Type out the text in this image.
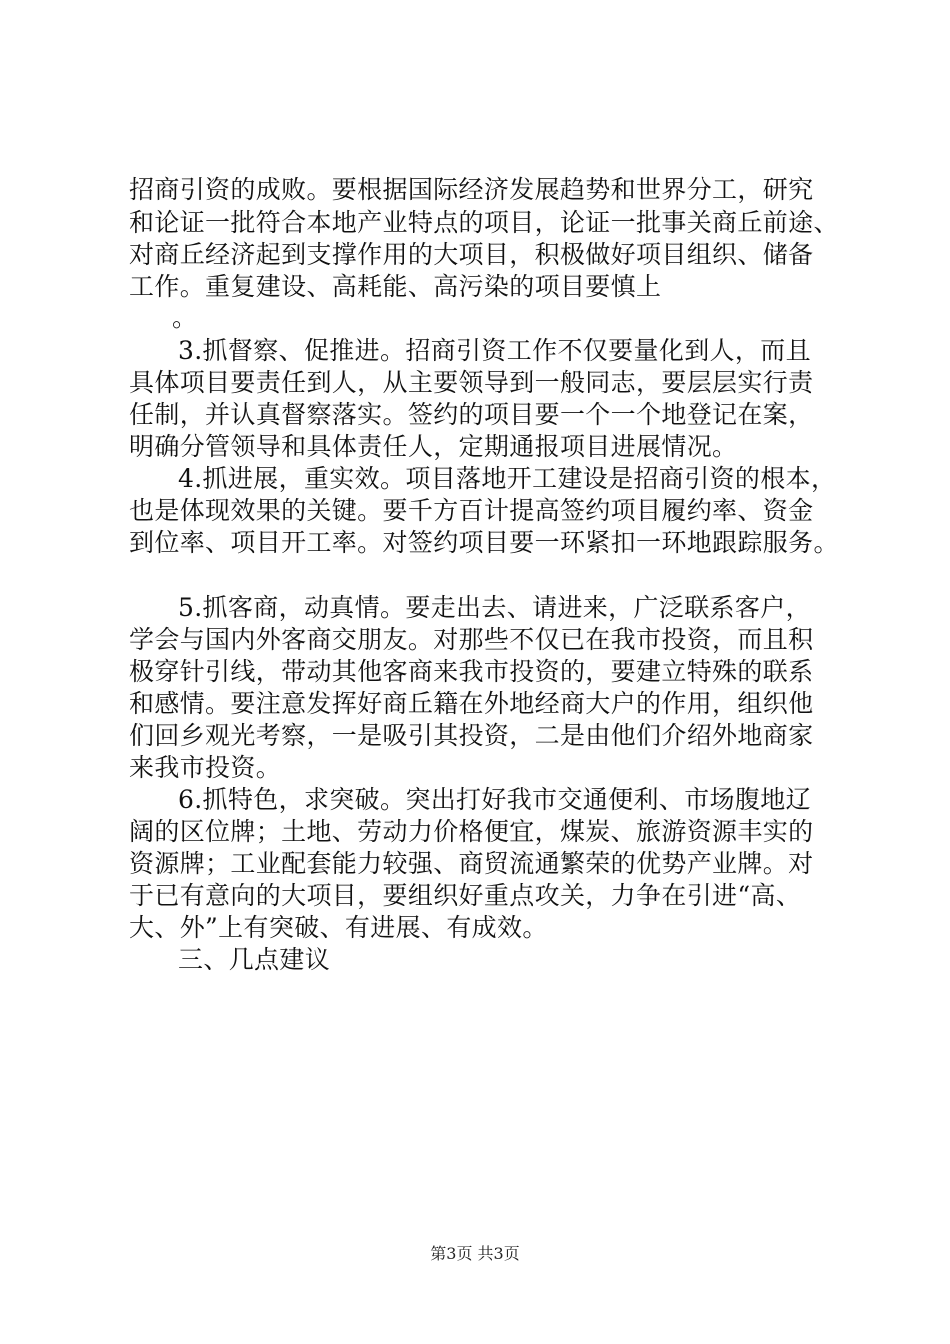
招商引资的成败。要根据国际经济发展趋势和世界分工，研究
和论证一批符合本地产业特点的项目，论证一批事关商丘前途、
对商丘经济起到支撑作用的大项目，积极做好项目组织、储备
工作。重复建设、高耗能、高污染的项目要慎上
。
3.抓督察、促推进。招商引资工作不仅要量化到人，而且
具体项目要责任到人，从主要领导到一般同志，要层层实行责
任制，并认真督察落实。签约的项目要一个一个地登记在案，
明确分管领导和具体责任人，定期通报项目进展情况。
4.抓进展，重实效。项目落地开工建设是招商引资的根本，
也是体现效果的关键。要千方百计提高签约项目履约率、资金
到位率、项目开工率。对签约项目要一环紧扣一环地跟踪服务。
5.抓客商，动真情。要走出去、请进来，广泛联系客户，
学会与国内外客商交朋友。对那些不仅已在我市投资，而且积
极穿针引线，带动其他客商来我市投资的，要建立特殊的联系
和感情。要注意发挥好商丘籍在外地经商大户的作用，组织他
们回乡观光考察，一是吸引其投资，二是由他们介绍外地商家
来我市投资。
6.抓特色，求突破。突出打好我市交通便利、市场腹地辽
阔的区位牌；土地、劳动力价格便宜，煤炭、旅游资源丰实的
资源牌；工业配套能力较强、商贸流通繁荣的优势产业牌。对
于已有意向的大项目，要组织好重点攻关，力争在引进“高、
大、外”上有突破、有进展、有成效。
三、几点建议
第3页 共3页
